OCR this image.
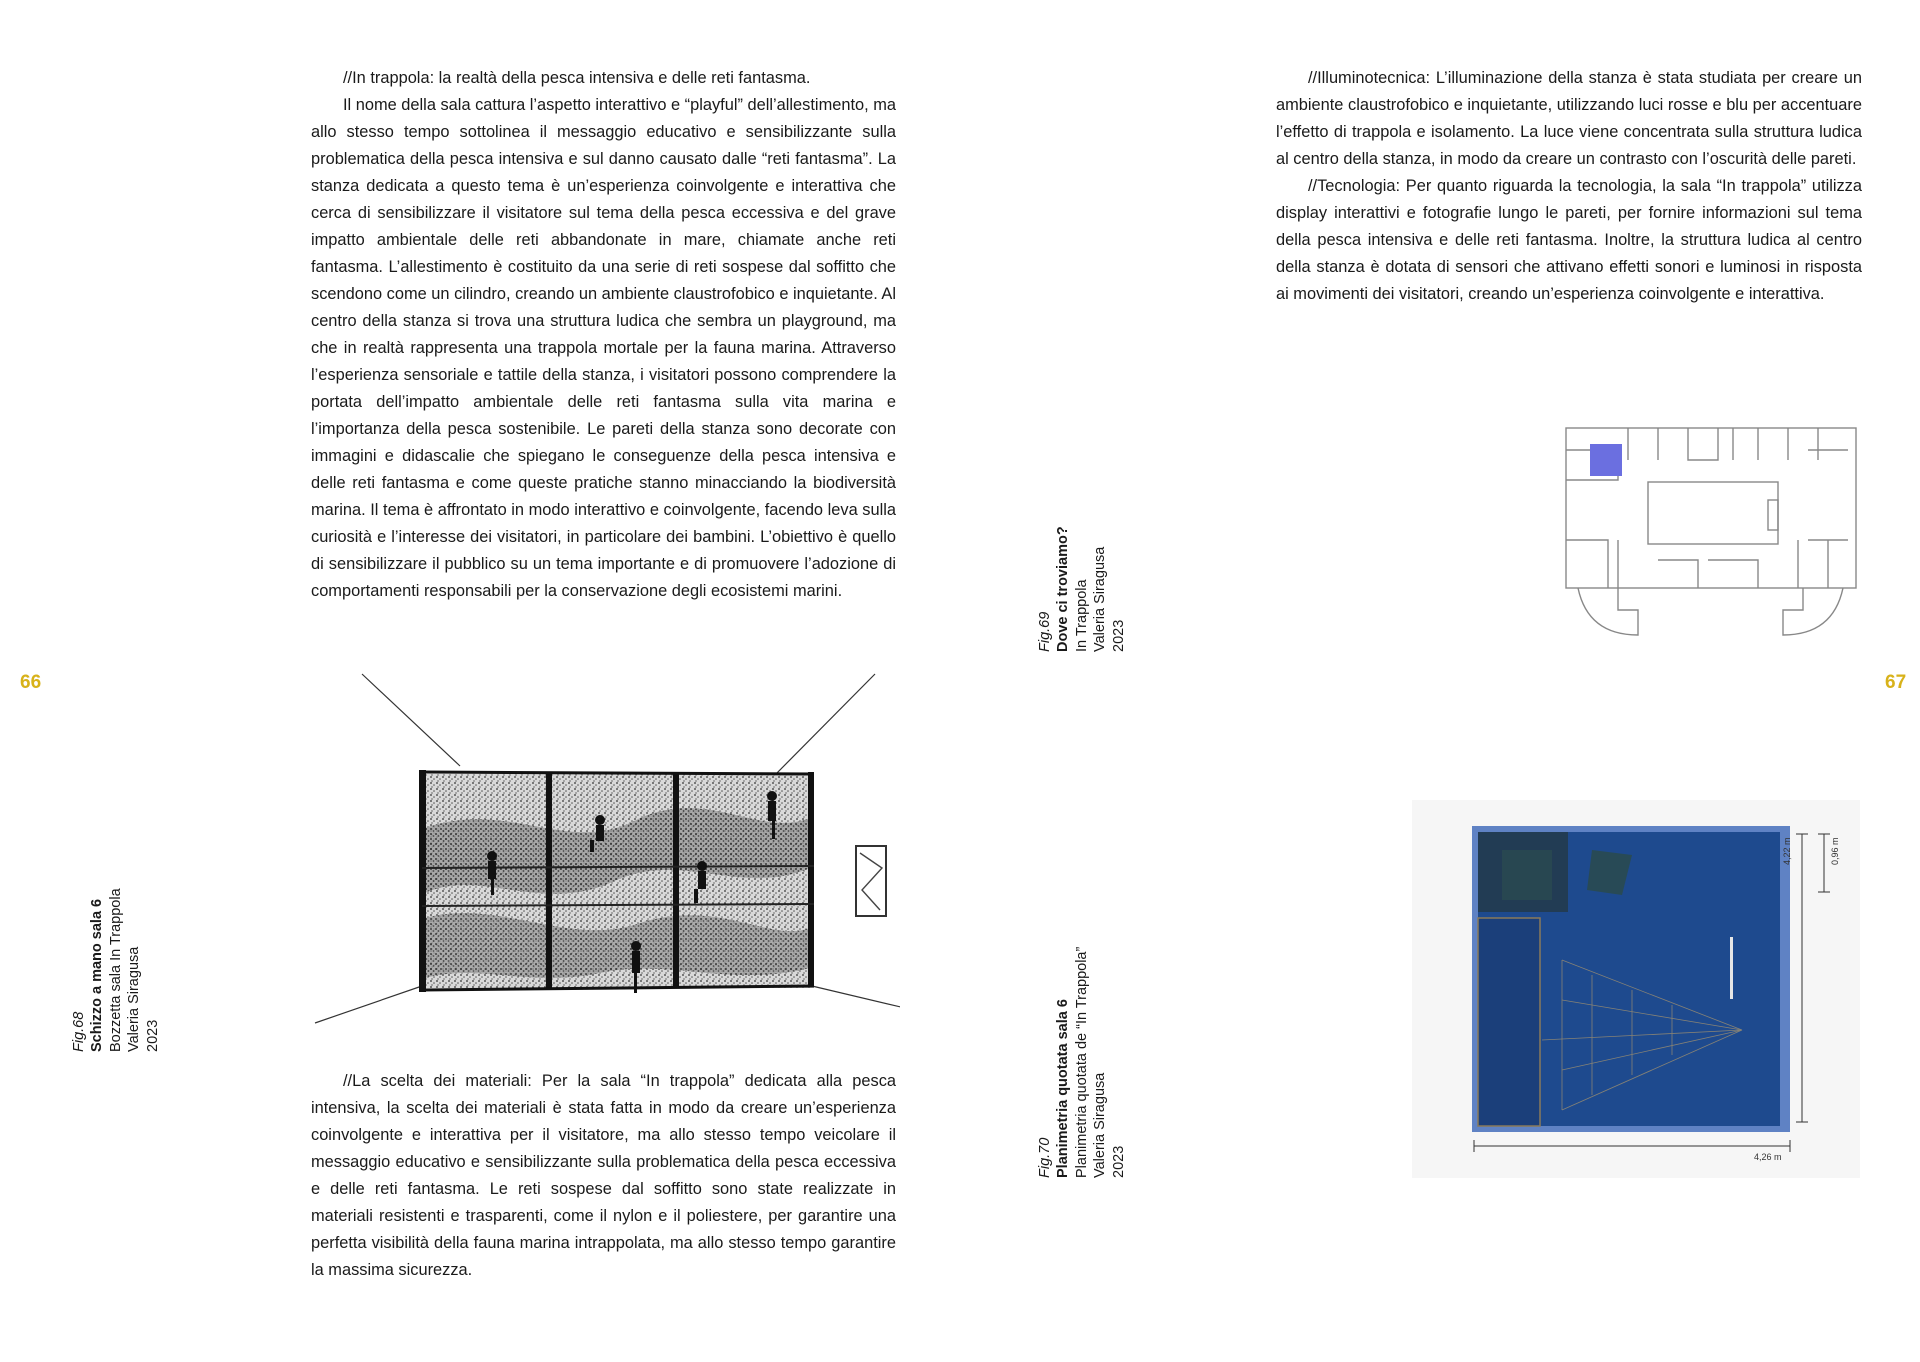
//In trappola: la realtà della pesca intensiva e delle reti fantasma.

Il nome della sala cattura l’aspetto interattivo e “playful” dell’allestimento, ma allo stesso tempo sottolinea il messaggio educativo e sensibilizzante sulla problematica della pesca intensiva e sul danno causato dalle “reti fantasma”. La stanza dedicata a questo tema è un’esperienza coinvolgente e interattiva che cerca di sensibilizzare il visitatore sul tema della pesca eccessiva e del grave impatto ambientale delle reti abbandonate in mare, chiamate anche reti fantasma. L’allestimento è costituito da una serie di reti sospese dal soffitto che scendono come un cilindro, creando un ambiente claustrofobico e inquietante. Al centro della stanza si trova una struttura ludica che sembra un playground, ma che in realtà rappresenta una trappola mortale per la fauna marina. Attraverso l’esperienza sensoriale e tattile della stanza, i visitatori possono comprendere la portata dell’impatto ambientale delle reti fantasma sulla vita marina e l’importanza della pesca sostenibile. Le pareti della stanza sono decorate con immagini e didascalie che spiegano le conseguenze della pesca intensiva e delle reti fantasma e come queste pratiche stanno minacciando la biodiversità marina. Il tema è affrontato in modo interattivo e coinvolgente, facendo leva sulla curiosità e l’interesse dei visitatori, in particolare dei bambini. L’obiettivo è quello di sensibilizzare il pubblico su un tema importante e di promuovere l’adozione di comportamenti responsabili per la conservazione degli ecosistemi marini.

66
Fig.68 Schizzo a mano sala 6 Bozzetta sala In Trappola Valeria Siragusa 2023

//La scelta dei materiali: Per la sala “In trappola” dedicata alla pesca intensiva, la scelta dei materiali è stata fatta in modo da creare un’esperienza coinvolgente e interattiva per il visitatore, ma allo stesso tempo veicolare il messaggio educativo e sensibilizzante sulla problematica della pesca eccessiva e delle reti fantasma. Le reti sospese dal soffitto sono state realizzate in materiali resistenti e trasparenti, come il nylon e il poliestere, per garantire una perfetta visibilità della fauna marina intrappolata, ma allo stesso tempo garantire la massima sicurezza.

//Illuminotecnica: L’illuminazione della stanza è stata studiata per creare un ambiente claustrofobico e inquietante, utilizzando luci rosse e blu per accentuare l’effetto di trappola e isolamento. La luce viene concentrata sulla struttura ludica al centro della stanza, in modo da creare un contrasto con l’oscurità delle pareti.

//Tecnologia: Per quanto riguarda la tecnologia, la sala “In trappola” utilizza display interattivi e fotografie lungo le pareti, per fornire informazioni sul tema della pesca intensiva e delle reti fantasma. Inoltre, la struttura ludica al centro della stanza è dotata di sensori che attivano effetti sonori e luminosi in risposta ai movimenti dei visitatori, creando un’esperienza coinvolgente e interattiva.

67
Fig.69 Dove ci troviamo? In Trappola Valeria Siragusa 2023
Fig.70 Planimetria quotata sala 6 Planimetria quotata de “In Trappola” Valeria Siragusa 2023
4,22 m	0,96 m
4,26 m
